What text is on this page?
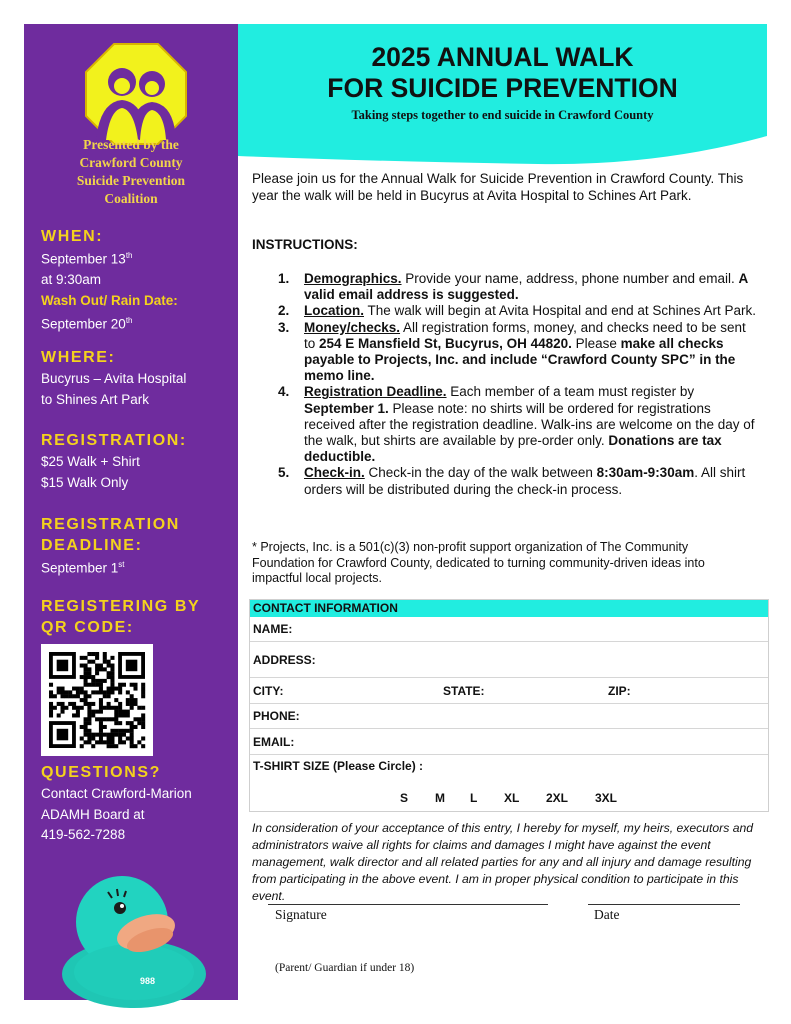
Presented by the
Crawford County
Suicide Prevention
Coalition
WHEN:
September 13th
at 9:30am
Wash Out/ Rain Date:
September 20th
WHERE:
Bucyrus – Avita Hospital
to Shines Art Park
REGISTRATION:
$25 Walk + Shirt
$15 Walk Only
REGISTRATION
DEADLINE:
September 1st
REGISTERING BY
QR CODE:
QUESTIONS?
Contact Crawford-Marion
ADAMH Board at
419-562-7288
988
2025 ANNUAL WALK
FOR SUICIDE PREVENTION
Taking steps together to end suicide in Crawford County
Please join us for the Annual Walk for Suicide Prevention in Crawford County. This year the walk will be held in Bucyrus at Avita Hospital to Schines Art Park.
INSTRUCTIONS:
1. Demographics. Provide your name, address, phone number and email. A valid email address is suggested.
2. Location. The walk will begin at Avita Hospital and end at Schines Art Park.
3. Money/checks. All registration forms, money, and checks need to be sent to 254 E Mansfield St, Bucyrus, OH 44820. Please make all checks payable to Projects, Inc. and include “Crawford County SPC” in the memo line.
4. Registration Deadline. Each member of a team must register by September 1. Please note: no shirts will be ordered for registrations received after the registration deadline. Walk-ins are welcome on the day of the walk, but shirts are available by pre-order only. Donations are tax deductible.
5. Check-in. Check-in the day of the walk between 8:30am-9:30am. All shirt orders will be distributed during the check-in process.
* Projects, Inc. is a 501(c)(3) non-profit support organization of The Community Foundation for Crawford County, dedicated to turning community-driven ideas into impactful local projects.
CONTACT INFORMATION
NAME:
ADDRESS:
CITY:	STATE:	ZIP:
PHONE:
EMAIL:
T-SHIRT SIZE (Please Circle) :
S M L XL 2XL 3XL
In consideration of your acceptance of this entry, I hereby for myself, my heirs, executors and administrators waive all rights for claims and damages I might have against the event management, walk director and all related parties for any and all injury and damage resulting from participating in the above event. I am in proper physical condition to participate in this event.
Signature	Date
(Parent/ Guardian if under 18)
